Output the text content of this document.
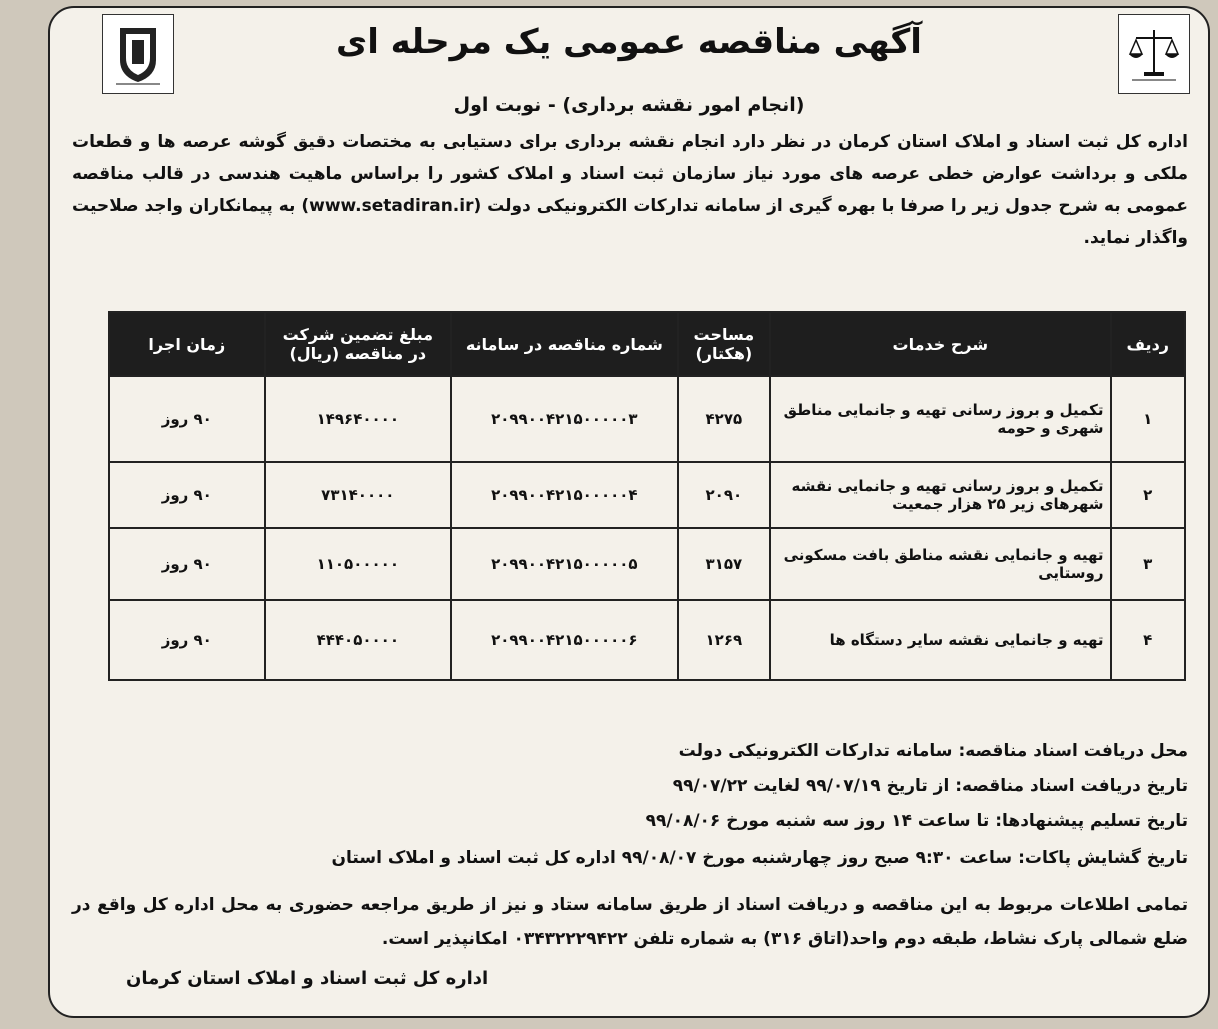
آگهی مناقصه عمومی یک مرحله ای
(انجام امور نقشه برداری) - نوبت اول
اداره کل ثبت اسناد و املاک استان کرمان در نظر دارد انجام نقشه برداری برای دستیابی به مختصات دقیق گوشه عرصه ها و قطعات ملکی و برداشت عوارض خطی عرصه های مورد نیاز سازمان ثبت اسناد و املاک کشور را براساس ماهیت هندسی در قالب مناقصه عمومی به شرح جدول زیر را صرفا با بهره گیری از سامانه تدارکات الکترونیکی دولت (www.setadiran.ir) به پیمانکاران واجد صلاحیت واگذار نماید.
ردیف	شرح خدمات	مساحت (هکتار)	شماره مناقصه در سامانه	مبلغ تضمین شرکت در مناقصه (ریال)	زمان اجرا
۱	تکمیل و بروز رسانی تهیه و جانمایی مناطق شهری و حومه	۴۲۷۵	۲۰۹۹۰۰۴۲۱۵۰۰۰۰۰۳	۱۴۹۶۴۰۰۰۰	۹۰ روز
۲	تکمیل و بروز رسانی تهیه و جانمایی نقشه شهرهای زیر ۲۵ هزار جمعیت	۲۰۹۰	۲۰۹۹۰۰۴۲۱۵۰۰۰۰۰۴	۷۳۱۴۰۰۰۰	۹۰ روز
۳	تهیه و جانمایی نقشه مناطق بافت مسکونی روستایی	۳۱۵۷	۲۰۹۹۰۰۴۲۱۵۰۰۰۰۰۵	۱۱۰۵۰۰۰۰۰	۹۰ روز
۴	تهیه و جانمایی نقشه سایر دستگاه ها	۱۲۶۹	۲۰۹۹۰۰۴۲۱۵۰۰۰۰۰۶	۴۴۴۰۵۰۰۰۰	۹۰ روز
محل دریافت اسناد مناقصه: سامانه تدارکات الکترونیکی دولت
تاریخ دریافت اسناد مناقصه: از تاریخ ۹۹/۰۷/۱۹ لغایت ۹۹/۰۷/۲۲
تاریخ تسلیم پیشنهادها: تا ساعت ۱۴ روز سه شنبه مورخ ۹۹/۰۸/۰۶
تاریخ گشایش پاکات: ساعت ۹:۳۰ صبح روز چهارشنبه مورخ ۹۹/۰۸/۰۷ اداره کل ثبت اسناد و املاک استان
تمامی اطلاعات مربوط به این مناقصه و دریافت اسناد از طریق سامانه ستاد و نیز از طریق مراجعه حضوری به محل اداره کل واقع در ضلع شمالی پارک نشاط، طبقه دوم واحد(اتاق ۳۱۶) به شماره تلفن ۰۳۴۳۲۲۲۹۴۲۲ امکانپذیر است.
اداره کل ثبت اسناد و املاک استان کرمان
